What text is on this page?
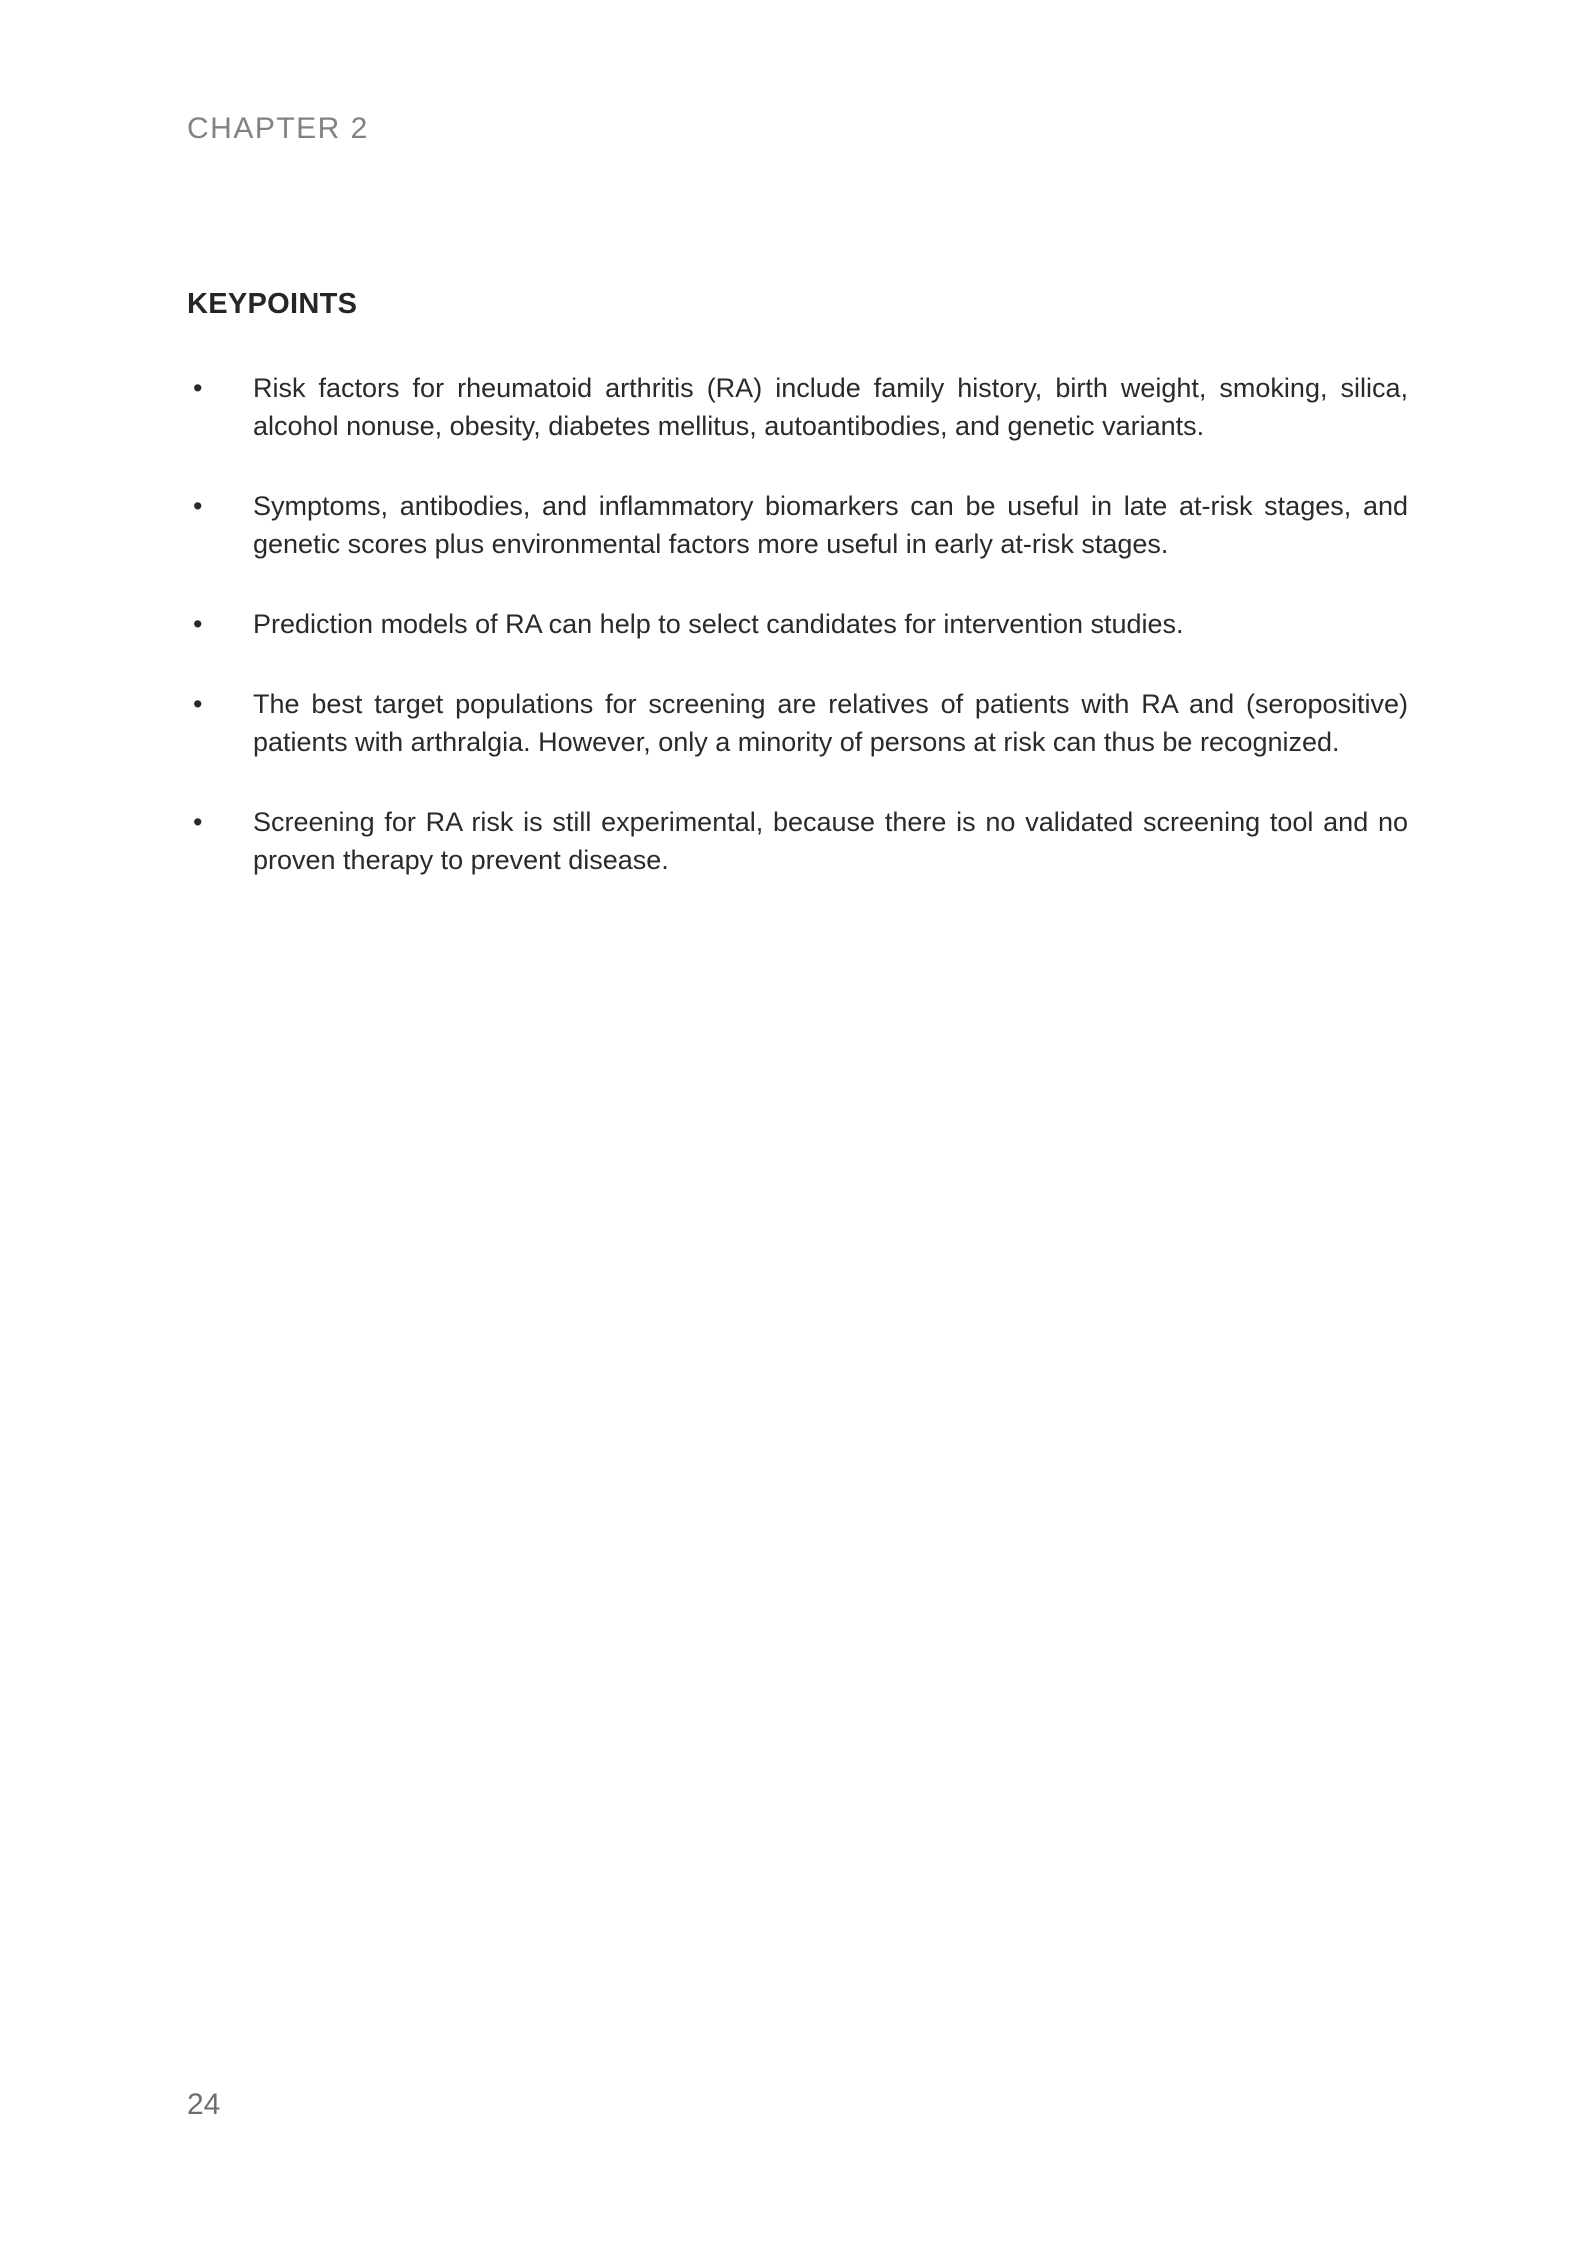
CHAPTER 2
KEYPOINTS
• Risk factors for rheumatoid arthritis (RA) include family history, birth weight, smoking, silica, alcohol nonuse, obesity, diabetes mellitus, autoantibodies, and genetic variants.
• Symptoms, antibodies, and inflammatory biomarkers can be useful in late at-risk stages, and genetic scores plus environmental factors more useful in early at-risk stages.
• Prediction models of RA can help to select candidates for intervention studies.
• The best target populations for screening are relatives of patients with RA and (seropositive) patients with arthralgia. However, only a minority of persons at risk can thus be recognized.
• Screening for RA risk is still experimental, because there is no validated screening tool and no proven therapy to prevent disease.
24
